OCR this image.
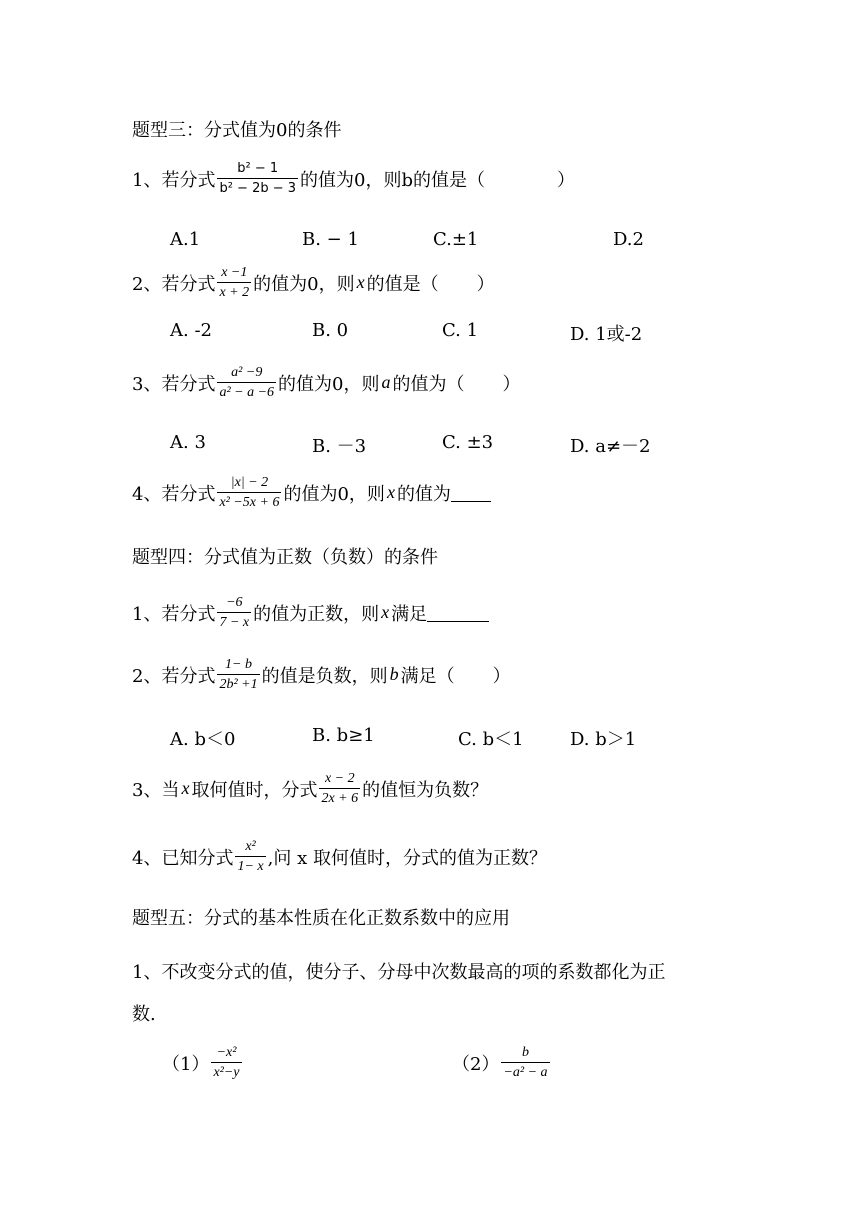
题型三：分式值为0的条件
1、若分式 $\frac{\text{b² − 1}}{\text{b² − 2b − 3}}$ 的值为0，则b的值是（	）
A.1	B. − 1	C.±1	D.2
2、若分式 $\frac{x -1}{x + 2}$ 的值为0，则 x 的值是（ ）
A. -2	B. 0	C. 1	D. 1或-2
3、若分式 $\frac{\text{a² −9}}{\text{a² − a −6}}$ 的值为0，则 a 的值为（ ）
A. 3	B. －3	C. ±3	D. a≠－2
4、若分式 $\frac{|x| - 2}{\text{x² −5x + 6}}$ 的值为0，则 x 的值为
题型四：分式值为正数（负数）的条件
1、若分式 $\frac{-6}{7 - x}$ 的值为正数，则 x 满足
2、若分式 $\frac{1- b}{\text{2b² +1}}$ 的值是负数，则 b 满足（ ）
A. b＜0	B. b≥1	C. b＜1	D. b＞1
3、当 x 取何值时，分式 $\frac{x - 2}{2x + 6}$ 的值恒为负数？
4、已知分式 $\frac{\text{x²}}{1- x}$ ,问 x 取何值时，分式的值为正数？
题型五：分式的基本性质在化正数系数中的应用
1、不改变分式的值，使分子、分母中次数最高的项的系数都化为正
数.
$(1) \frac{\text{−x²}}{\text{x²−y}}$	$(2) \frac{b}{\text{−a² − a}}$
